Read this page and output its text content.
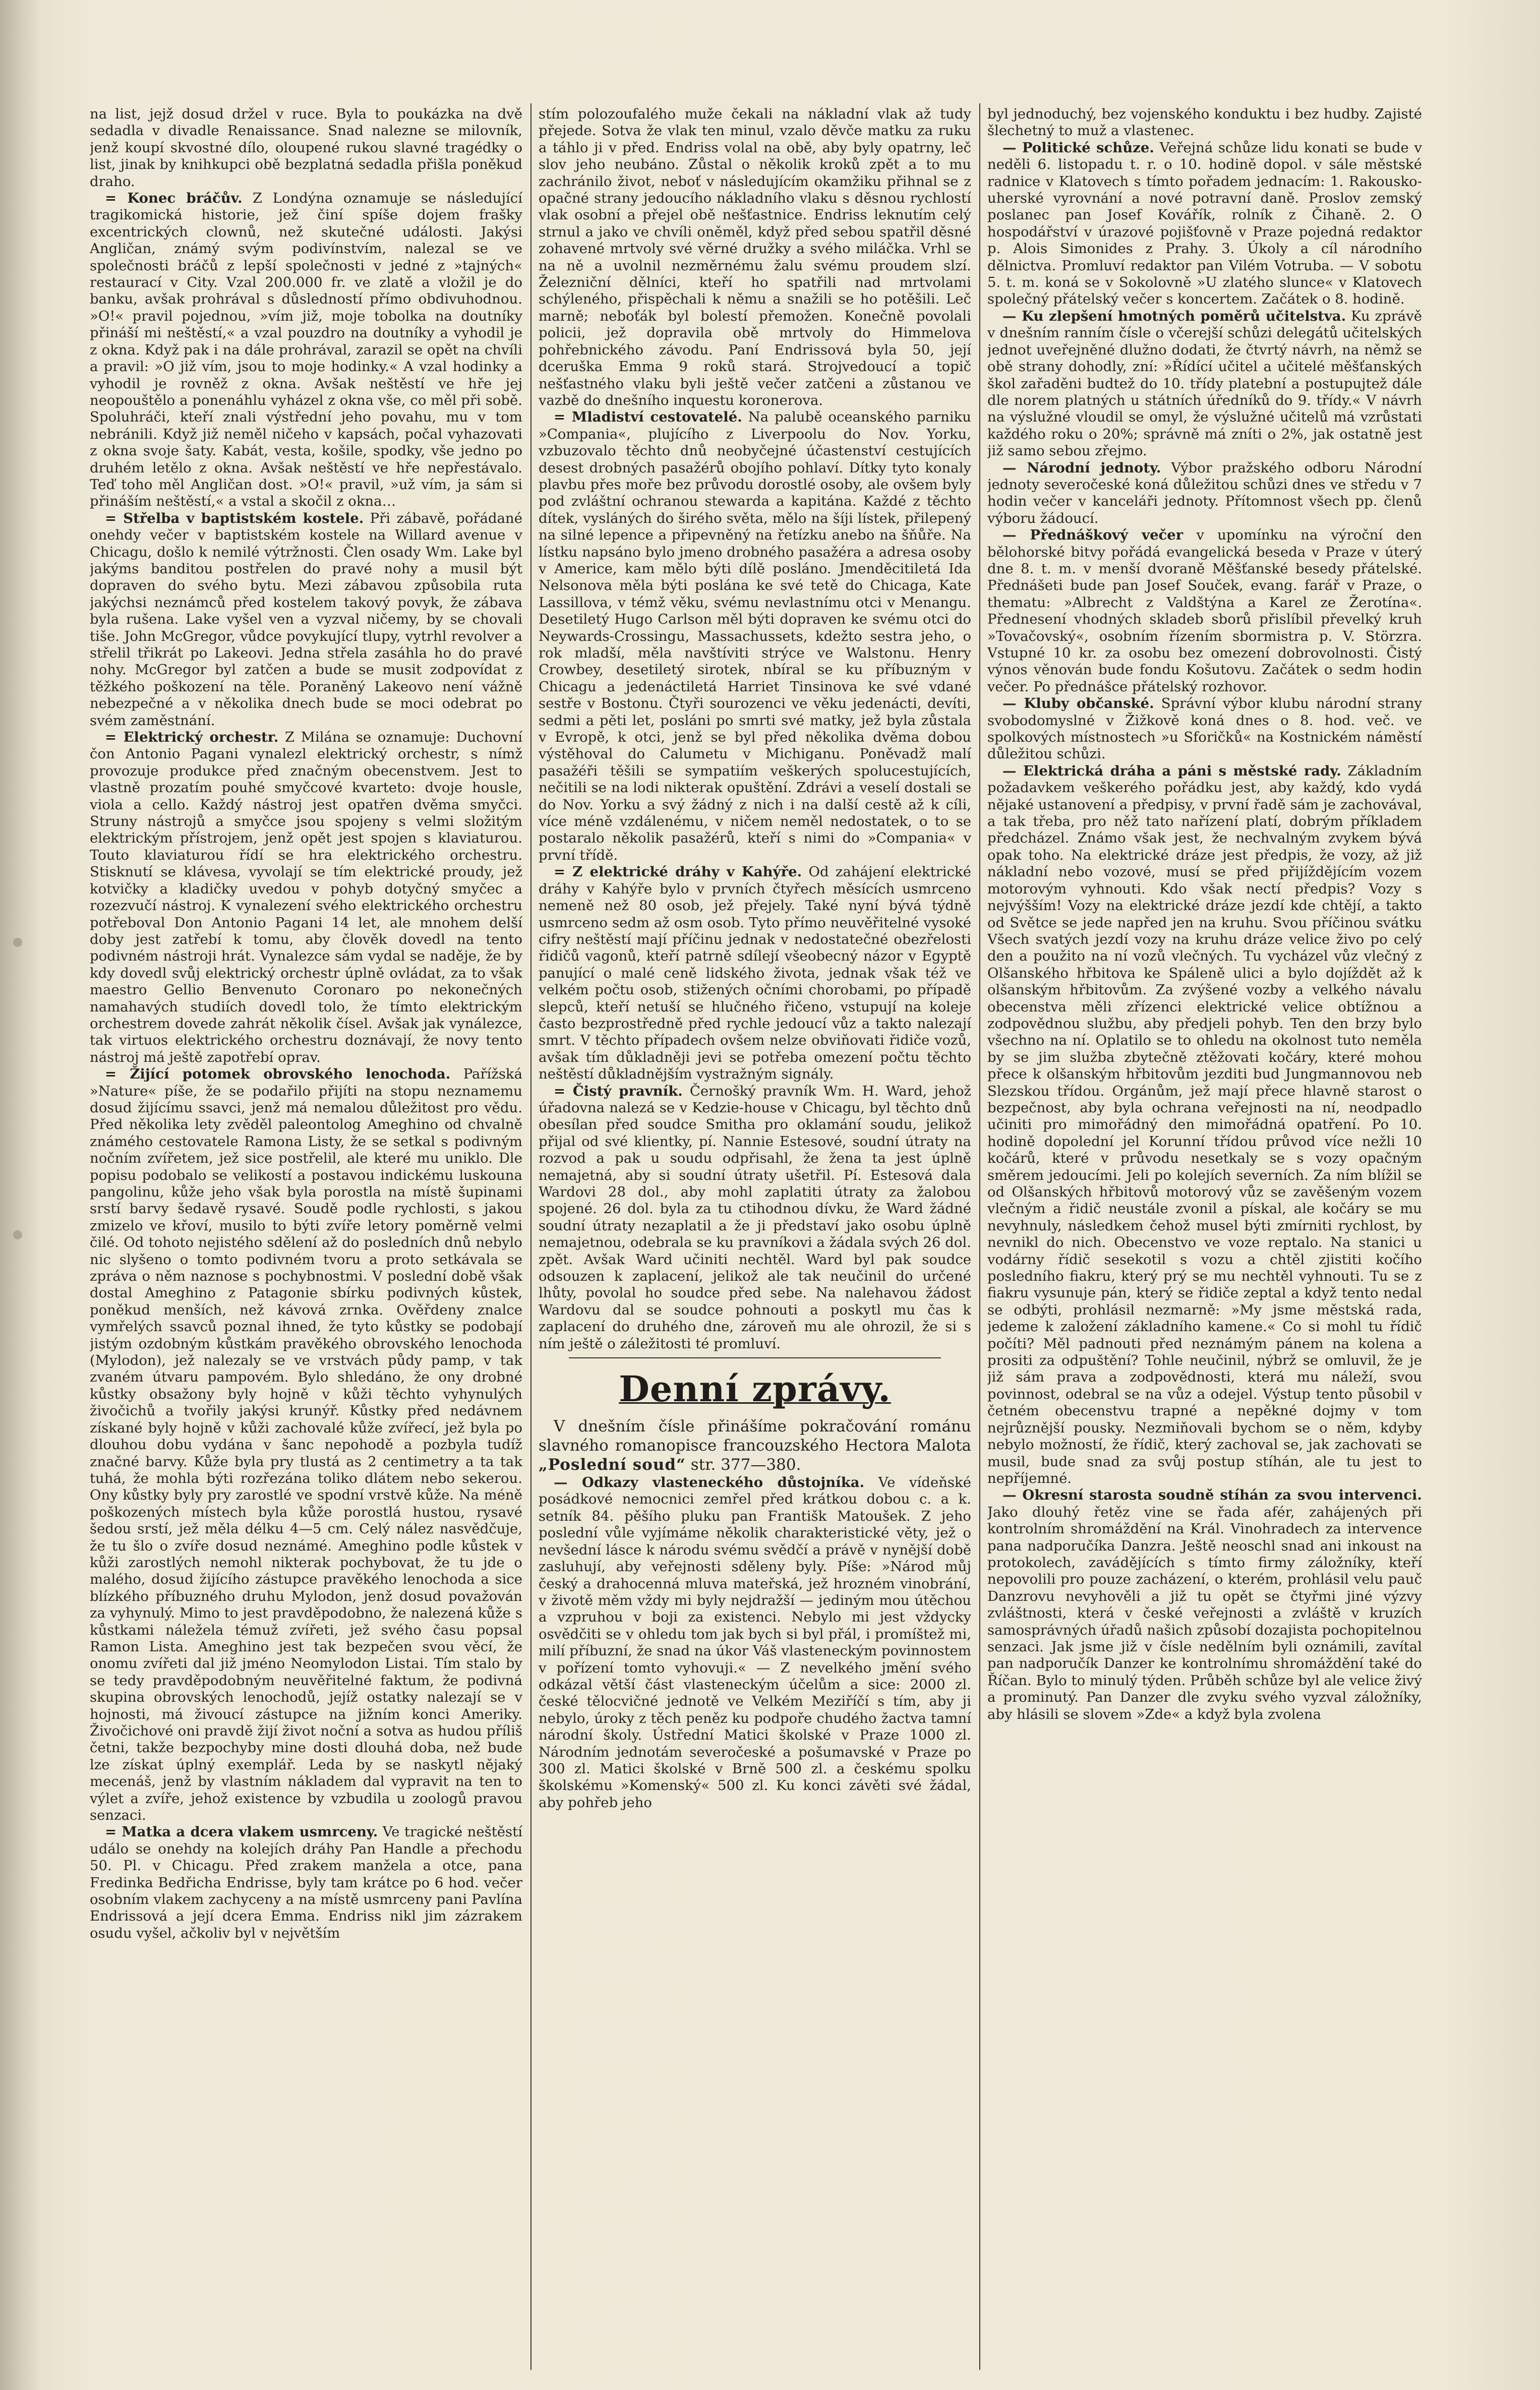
na list, jejž dosud držel v ruce. Byla to poukázka na dvě sedadla v divadle Renaissance. Snad nalezne se milovník, jenž koupí skvostné dílo, oloupené rukou slavné tragédky o list, jinak by knihkupci obě bezplatná sedadla přišla poněkud draho.

= Konec bráčův. Z Londýna oznamuje se následující tragikomická historie, jež činí spíše dojem frašky excentrických clownů, než skutečné události. Jakýsi Angličan, známý svým podivínstvím, nalezal se ve společnosti bráčů z lepší společnosti v jedné z »tajných« restaurací v City. Vzal 200.000 fr. ve zlatě a vložil je do banku, avšak prohrával s důsledností přímo obdivuhodnou. »O!« pravil pojednou, »vím již, moje tobolka na doutníky přináší mi neštěstí,« a vzal pouzdro na doutníky a vyhodil je z okna. Když pak i na dále prohrával, zarazil se opět na chvíli a pravil: »O již vím, jsou to moje hodinky.« A vzal hodinky a vyhodil je rovněž z okna. Avšak neštěstí ve hře jej neopouštělo a ponenáhlu vyházel z okna vše, co měl při sobě. Spoluhráči, kteří znali výstřední jeho povahu, mu v tom nebránili. Když již neměl ničeho v kapsách, počal vyhazovati z okna svoje šaty. Kabát, vesta, košile, spodky, vše jedno po druhém letělo z okna. Avšak neštěstí ve hře nepřestávalo. Teď toho měl Angličan dost. »O!« pravil, »už vím, ja sám si přináším neštěstí,« a vstal a skočil z okna…

= Střelba v baptistském kostele. Při zábavě, pořádané onehdy večer v baptistském kostele na Willard avenue v Chicagu, došlo k nemilé výtržnosti. Člen osady Wm. Lake byl jakýms banditou postřelen do pravé nohy a musil být dopraven do svého bytu. Mezi zábavou způsobila ruta jakýchsi neznámců před kostelem takový povyk, že zábava byla rušena. Lake vyšel ven a vyzval ničemy, by se chovali tiše. John McGregor, vůdce povykující tlupy, vytrhl revolver a střelil třikrát po Lakeovi. Jedna střela zasáhla ho do pravé nohy. McGregor byl zatčen a bude se musit zodpovídat z těžkého poškození na těle. Poraněný Lakeovo není vážně nebezpečné a v několika dnech bude se moci odebrat po svém zaměstnání.

= Elektrický orchestr. Z Milána se oznamuje: Duchovní čon Antonio Pagani vynalezl elektrický orchestr, s nímž provozuje produkce před značným obecenstvem. Jest to vlastně prozatím pouhé smyčcové kvarteto: dvoje housle, viola a cello. Každý nástroj jest opatřen dvěma smyčci. Struny nástrojů a smyčce jsou spojeny s velmi složitým elektrickým přístrojem, jenž opět jest spojen s klaviaturou. Touto klaviaturou řídí se hra elektrického orchestru. Stisknutí se klávesa, vyvolají se tím elektrické proudy, jež kotvičky a kladičky uvedou v pohyb dotyčný smyčec a rozezvučí nástroj. K vynalezení svého elektrického orchestru potřeboval Don Antonio Pagani 14 let, ale mnohem delší doby jest zatřebí k tomu, aby člověk dovedl na tento podivném nástroji hrát. Vynalezce sám vydal se naděje, že by kdy dovedl svůj elektrický orchestr úplně ovládat, za to však maestro Gellio Benvenuto Coronaro po nekonečných namahavých studiích dovedl tolo, že tímto elektrickým orchestrem dovede zahrát několik čísel. Avšak jak vynálezce, tak virtuos elektrického orchestru doznávají, že novy tento nástroj má ještě zapotřebí oprav.

= Žijící potomek obrovského lenochoda. Pařížská »Nature« píše, že se podařilo přijíti na stopu neznamemu dosud žijícímu ssavci, jenž má nemalou důležitost pro vědu. Před několika lety zvěděl paleontolog Ameghino od chvalně známého cestovatele Ramona Listy, že se setkal s podivným nočním zvířetem, jež sice postřelil, ale které mu uniklo. Dle popisu podobalo se velikostí a postavou indickému luskouna pangolinu, kůže jeho však byla porostla na místě šupinami srstí barvy šedavě rysavé. Soudě podle rychlosti, s jakou zmizelo ve křoví, musilo to býti zvíře letory poměrně velmi čilé. Od tohoto nejistého sdělení až do posledních dnů nebylo nic slyšeno o tomto podivném tvoru a proto setkávala se zpráva o něm naznose s pochybnostmi. V poslední době však dostal Ameghino z Patagonie sbírku podivných kůstek, poněkud menších, než kávová zrnka. Ověřdeny znalce vymřelých ssavců poznal ihned, že tyto kůstky se podobají jistým ozdobným kůstkám pravěkého obrovského lenochoda (Mylodon), jež nalezaly se ve vrstvách půdy pamp, v tak zvaném útvaru pampovém. Bylo shledáno, že ony drobné kůstky obsažony byly hojně v kůži těchto vyhynulých živočichů a tvořily jakýsi krunýř. Kůstky před nedávnem získané byly hojně v kůži zachovalé kůže zvířecí, jež byla po dlouhou dobu vydána v šanc nepohodě a pozbyla tudíž značné barvy. Kůže byla pry tlustá as 2 centimetry a ta tak tuhá, že mohla býti rozřezána toliko dlátem nebo sekerou. Ony kůstky byly pry zarostlé ve spodní vrstvě kůže. Na méně poškozených místech byla kůže porostlá hustou, rysavé šedou srstí, jež měla délku 4—5 cm. Celý nález nasvědčuje, že tu šlo o zvíře dosud neznámé. Ameghino podle kůstek v kůži zarostlých nemohl nikterak pochybovat, že tu jde o malého, dosud žijícího zástupce pravěkého lenochoda a sice blízkého příbuzného druhu Mylodon, jenž dosud považován za vyhynulý. Mimo to jest pravděpodobno, že nalezená kůže s kůstkami náležela témuž zvířeti, jež svého času popsal Ramon Lista. Ameghino jest tak bezpečen svou věcí, že onomu zvířeti dal již jméno Neomylodon Listai. Tím stalo by se tedy pravděpodobným neuvěřitelné faktum, že podivná skupina obrovských lenochodů, jejíž ostatky nalezají se v hojnosti, má živoucí zástupce na jižním konci Ameriky. Živočichové oni pravdě žijí život noční a sotva as hudou příliš četni, takže bezpochyby mine dosti dlouhá doba, než bude lze získat úplný exemplář. Leda by se naskytl nějaký mecenáš, jenž by vlastním nákladem dal vypravit na ten to výlet a zvíře, jehož existence by vzbudila u zoologů pravou senzaci.

= Matka a dcera vlakem usmrceny. Ve tragické neštěstí událo se onehdy na kolejích dráhy Pan Handle a přechodu 50. Pl. v Chicagu. Před zrakem manžela a otce, pana Fredinka Bedřicha Endrisse, byly tam krátce po 6 hod. večer osobním vlakem zachyceny a na místě usmrceny pani Pavlína Endrissová a její dcera Emma. Endriss nikl jim zázrakem osudu vyšel, ačkoliv byl v největším

stím polozoufalého muže čekali na nákladní vlak až tudy přejede. Sotva že vlak ten minul, vzalo děvče matku za ruku a táhlo ji v před. Endriss volal na obě, aby byly opatrny, leč slov jeho neubáno. Zůstal o několik kroků zpět a to mu zachránilo život, neboť v následujícím okamžiku přihnal se z opačné strany jedoucího nákladního vlaku s děsnou rychlostí vlak osobní a přejel obě nešťastnice. Endriss leknutím celý strnul a jako ve chvíli oněměl, když před sebou spatřil děsné zohavené mrtvoly své věrné družky a svého miláčka. Vrhl se na ně a uvolnil nezměrnému žalu svému proudem slzí. Železniční dělníci, kteří ho spatřili nad mrtvolami schýleného, přispěchali k němu a snažili se ho potěšili. Leč marně; neboťák byl bolestí přemožen. Konečně povolali policii, jež dopravila obě mrtvoly do Himmelova pohřebnického závodu. Paní Endrissová byla 50, její dceruška Emma 9 roků stará. Strojvedoucí a topič nešťastného vlaku byli ještě večer zatčeni a zůstanou ve vazbě do dnešního inquestu koronerova.

= Mladiství cestovatelé. Na palubě oceanského parniku »Compania«, plujícího z Liverpoolu do Nov. Yorku, vzbuzovalo těchto dnů neobyčejné účastenství cestujících desest drobných pasažérů obojího pohlaví. Dítky tyto konaly plavbu přes moře bez průvodu dorostlé osoby, ale ovšem byly pod zvláštní ochranou stewarda a kapitána. Každé z těchto dítek, vysláných do širého světa, mělo na šíji lístek, přilepený na silné lepence a připevněný na řetízku anebo na šňůře. Na lístku napsáno bylo jmeno drobného pasažéra a adresa osoby v Americe, kam mělo býti dílě posláno. Jmenděcitiletá Ida Nelsonova měla býti poslána ke své tetě do Chicaga, Kate Lassillova, v témž věku, svému nevlastnímu otci v Menangu. Desetiletý Hugo Carlson měl býti dopraven ke svému otci do Neywards-Crossingu, Massachussets, kdežto sestra jeho, o rok mladší, měla navštíviti strýce ve Walstonu. Henry Crowbey, desetiletý sirotek, nbíral se ku příbuzným v Chicagu a jedenáctiletá Harriet Tinsinova ke své vdané sestře v Bostonu. Čtyři sourozenci ve věku jedenácti, devíti, sedmi a pěti let, posláni po smrti své matky, jež byla zůstala v Evropě, k otci, jenž se byl před několika dvěma dobou výstěhoval do Calumetu v Michiganu. Poněvadž malí pasažéři těšili se sympatiím veškerých spolucestujících, nečitili se na lodi nikterak opuštění. Zdrávi a veselí dostali se do Nov. Yorku a svý žádný z nich i na další cestě až k cíli, více méně vzdálenému, v ničem neměl nedostatek, o to se postaralo několik pasažérů, kteří s nimi do »Compania« v první třídě.

= Z elektrické dráhy v Kahýře. Od zahájení elektrické dráhy v Kahýře bylo v prvních čtyřech měsících usmrceno nemeně než 80 osob, jež přejely. Také nyní bývá týdně usmrceno sedm až osm osob. Tyto přímo neuvěřitelné vysoké cifry neštěstí mají příčinu jednak v nedostatečné obezřelosti řidičů vagonů, kteří patrně sdílejí všeobecný názor v Egyptě panující o malé ceně lidského života, jednak však též ve velkém počtu osob, stižených očními chorobami, po případě slepců, kteří netuší se hlučného řičeno, vstupují na koleje často bezprostředně před rychle jedoucí vůz a takto nalezají smrt. V těchto případech ovšem nelze obviňovati řidiče vozů, avšak tím důkladněji jevi se potřeba omezení počtu těchto neštěstí důkladnějším vystražným signály.

= Čistý pravník. Černošký pravník Wm. H. Ward, jehož úřadovna nalezá se v Kedzie-house v Chicagu, byl těchto dnů obesílan před soudce Smitha pro oklamání soudu, jelikož přijal od své klientky, pí. Nannie Estesové, soudní útraty na rozvod a pak u soudu odpřisahl, že žena ta jest úplně nemajetná, aby si soudní útraty ušetřil. Pí. Estesová dala Wardovi 28 dol., aby mohl zaplatiti útraty za žalobou spojené. 26 dol. byla za tu ctihodnou dívku, že Ward žádné soudní útraty nezaplatil a že ji představí jako osobu úplně nemajetnou, odebrala se ku pravníkovi a žádala svých 26 dol. zpět. Avšak Ward učiniti nechtěl. Ward byl pak soudce odsouzen k zaplacení, jelikož ale tak neučinil do určené lhůty, povolal ho soudce před sebe. Na nalehavou žádost Wardovu dal se soudce pohnouti a poskytl mu čas k zaplacení do druhého dne, zároveň mu ale ohrozil, že si s ním ještě o záležitosti té promluví.

Denní zprávy.

V dnešním čísle přinášíme pokračování románu slavného romanopisce francouzského Hectora Malota „Poslední soud“ str. 377—380.

— Odkazy vlasteneckého důstojníka. Ve vídeňské posádkové nemocnici zemřel před krátkou dobou c. a k. setník 84. pěšího pluku pan Františk Matoušek. Z jeho poslední vůle vyjímáme několik charakteristické věty, jež o nevšední lásce k národu svému svědčí a právě v nynější době zasluhují, aby veřejnosti sděleny byly. Píše: »Národ můj český a drahocenná mluva mateřská, jež hrozném vinobrání, v životě měm vždy mi byly nejdražší — jediným mou útěchou a vzpruhou v boji za existenci. Nebylo mi jest vždycky osvědčiti se v ohledu tom jak bych si byl přál, i promíštež mi, milí příbuzní, že snad na úkor Váš vlasteneckým povinnostem v pořízení tomto vyhovuji.« — Z nevelkého jmění svého odkázal větší část vlasteneckým účelům a sice: 2000 zl. české tělocvičné jednotě ve Velkém Meziříčí s tím, aby ji nebylo, úroky z těch peněz ku podpoře chudého žactva tamní národní školy. Ústřední Matici školské v Praze 1000 zl. Národním jednotám severočeské a pošumavské v Praze po 300 zl. Matici školské v Brně 500 zl. a českému spolku školskému »Komenský« 500 zl. Ku konci závěti své žádal, aby pohřeb jeho

byl jednoduchý, bez vojenského konduktu i bez hudby. Zajisté šlechetný to muž a vlastenec.

— Politické schůze. Veřejná schůze lidu konati se bude v neděli 6. listopadu t. r. o 10. hodině dopol. v sále městské radnice v Klatovech s tímto pořadem jednacím: 1. Rakousko-uherské vyrovnání a nové potravní daně. Proslov zemský poslanec pan Josef Kovářík, rolník z Čihaně. 2. O hospodářství v úrazové pojišťovně v Praze pojedná redaktor p. Alois Simonides z Prahy. 3. Úkoly a cíl národního dělnictva. Promluví redaktor pan Vilém Votruba. — V sobotu 5. t. m. koná se v Sokolovně »U zlatého slunce« v Klatovech společný přátelský večer s koncertem. Začátek o 8. hodině.

— Ku zlepšení hmotných poměrů učitelstva. Ku zprávě v dnešním ranním čísle o včerejší schůzi delegátů učitelských jednot uveřejněné dlužno dodati, že čtvrtý návrh, na němž se obě strany dohodly, zní: »Řídící učitel a učitelé měšťanských škol zařaděni budtež do 10. třídy platební a postupujtež dále dle norem platných u státních úředníků do 9. třídy.« V návrh na výslužné vloudil se omyl, že výslužné učitelů má vzrůstati každého roku o 20%; správně má zníti o 2%, jak ostatně jest již samo sebou zřejmo.

— Národní jednoty. Výbor pražského odboru Národní jednoty severočeské koná důležitou schůzi dnes ve středu v 7 hodin večer v kanceláři jednoty. Přítomnost všech pp. členů výboru žádoucí.

— Přednáškový večer v upomínku na výroční den bělohorské bitvy pořádá evangelická beseda v Praze v úterý dne 8. t. m. v menší dvoraně Měšťanské besedy přátelské. Přednášeti bude pan Josef Souček, evang. farář v Praze, o thematu: »Albrecht z Valdštýna a Karel ze Žerotína«. Přednesení vhodných skladeb sborů přislíbil převelký kruh »Tovačovský«, osobním řízením sbormistra p. V. Störzra. Vstupné 10 kr. za osobu bez omezení dobrovolnosti. Čistý výnos věnován bude fondu Košutovu. Začátek o sedm hodin večer. Po přednášce přátelský rozhovor.

— Kluby občanské. Správní výbor klubu národní strany svobodomyslné v Žižkově koná dnes o 8. hod. več. ve spolkových místnostech »u Sforičků« na Kostnickém náměstí důležitou schůzi.

— Elektrická dráha a páni s městské rady. Základním požadavkem veškerého pořádku jest, aby každý, kdo vydá nějaké ustanovení a předpisy, v první řadě sám je zachovával, a tak třeba, pro něž tato nařízení platí, dobrým příkladem předcházel. Známo však jest, že nechvalným zvykem bývá opak toho. Na elektrické dráze jest předpis, že vozy, až již nákladní nebo vozové, musí se před přijíždějícím vozem motorovým vyhnouti. Kdo však nectí předpis? Vozy s nejvýšším! Vozy na elektrické dráze jezdí kde chtějí, a takto od Světce se jede napřed jen na kruhu. Svou příčinou svátku Všech svatých jezdí vozy na kruhu dráze velice živo po celý den a použito na ní vozů vlečných. Tu vycházel vůz vlečný z Olšanského hřbitova ke Spáleně ulici a bylo dojíždět až k olšanským hřbitovům. Za zvýšené vozby a velkého návalu obecenstva měli zřízenci elektrické velice obtížnou a zodpovědnou službu, aby předjeli pohyb. Ten den brzy bylo všechno na ní. Oplatilo se to ohledu na okolnost tuto neměla by se jim služba zbytečně ztěžovati kočáry, které mohou přece k olšanským hřbitovům jezditi bud Jungmannovou neb Slezskou třídou. Orgánům, jež mají přece hlavně starost o bezpečnost, aby byla ochrana veřejnosti na ní, neodpadlo učiniti pro mimořádný den mimořádná opatření. Po 10. hodině dopolední jel Korunní třídou průvod více nežli 10 kočárů, které v průvodu nesetkaly se s vozy opačným směrem jedoucími. Jeli po kolejích severních. Za ním blížil se od Olšanských hřbitovů motorový vůz se zavěšeným vozem vlečným a řidič neustále zvonil a pískal, ale kočáry se mu nevyhnuly, následkem čehož musel býti zmírniti rychlost, by nevnikl do nich. Obecenstvo ve voze reptalo. Na stanici u vodárny řídič sesekotil s vozu a chtěl zjistiti kočího posledního fiakru, který prý se mu nechtěl vyhnouti. Tu se z fiakru vysunuje pán, který se řidiče zeptal a když tento nedal se odbýti, prohlásil nezmarně: »My jsme městská rada, jedeme k založení základního kamene.« Co si mohl tu řídič počíti? Měl padnouti před neznámým pánem na kolena a prositi za odpuštění? Tohle neučinil, nýbrž se omluvil, že je již sám prava a zodpovědnosti, která mu náleží, svou povinnost, odebral se na vůz a odejel. Výstup tento působil v četném obecenstvu trapné a nepěkné dojmy v tom nejrůznější pousky. Nezmiňovali bychom se o něm, kdyby nebylo možností, že řídič, který zachoval se, jak zachovati se musil, bude snad za svůj postup stíhán, ale tu jest to nepříjemné.

— Okresní starosta soudně stíhán za svou intervenci. Jako dlouhý řetěz vine se řada afér, zahájených při kontrolním shromáždění na Král. Vinohradech za intervence pana nadporučíka Danzra. Ještě neoschl snad ani inkoust na protokolech, zavádějících s tímto firmy záložníky, kteří nepovolili pro pouze zacházení, o kterém, prohlásil velu pauč Danzrovu nevyhověli a již tu opět se čtyřmi jiné výzvy zvláštnosti, která v české veřejnosti a zvláště v kruzích samosprávných úřadů našich způsobí dozajista pochopitelnou senzaci. Jak jsme již v čísle nedělním byli oznámili, zavítal pan nadporučík Danzer ke kontrolnímu shromáždění také do Říčan. Bylo to minulý týden. Průběh schůze byl ale velice živý a prominutý. Pan Danzer dle zvyku svého vyzval záložníky, aby hlásili se slovem »Zde« a když byla zvolena
